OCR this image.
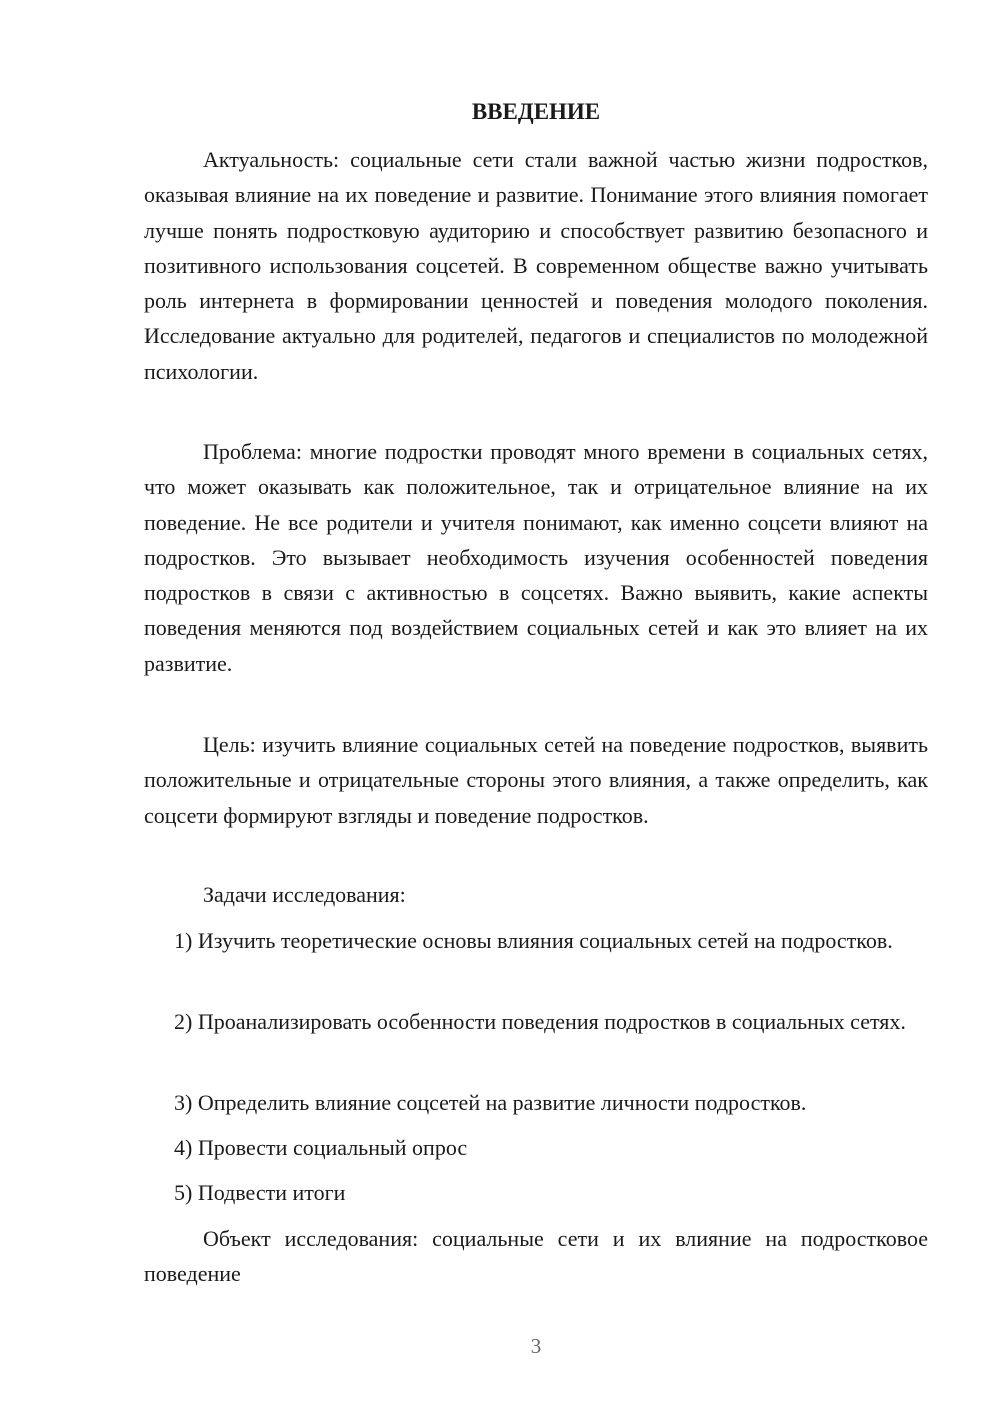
ВВЕДЕНИЕ

Актуальность: социальные сети стали важной частью жизни подростков, оказывая влияние на их поведение и развитие. Понимание этого влияния помогает лучше понять подростковую аудиторию и способствует развитию безопасного и позитивного использования соцсетей. В современном обществе важно учитывать роль интернета в формировании ценностей и поведения молодого поколения. Исследование актуально для родителей, педагогов и специалистов по молодежной психологии.

Проблема: многие подростки проводят много времени в социальных сетях, что может оказывать как положительное, так и отрицательное влияние на их поведение. Не все родители и учителя понимают, как именно соцсети влияют на подростков. Это вызывает необходимость изучения особенностей поведения подростков в связи с активностью в соцсетях. Важно выявить, какие аспекты поведения меняются под воздействием социальных сетей и как это влияет на их развитие.

Цель: изучить влияние социальных сетей на поведение подростков, выявить положительные и отрицательные стороны этого влияния, а также определить, как соцсети формируют взгляды и поведение подростков.

Задачи исследования:

1) Изучить теоретические основы влияния социальных сетей на подростков.

2) Проанализировать особенности поведения подростков в социальных сетях.

3) Определить влияние соцсетей на развитие личности подростков.

4) Провести социальный опрос

5) Подвести итоги

Объект исследования: социальные сети и их влияние на подростковое поведение

3
